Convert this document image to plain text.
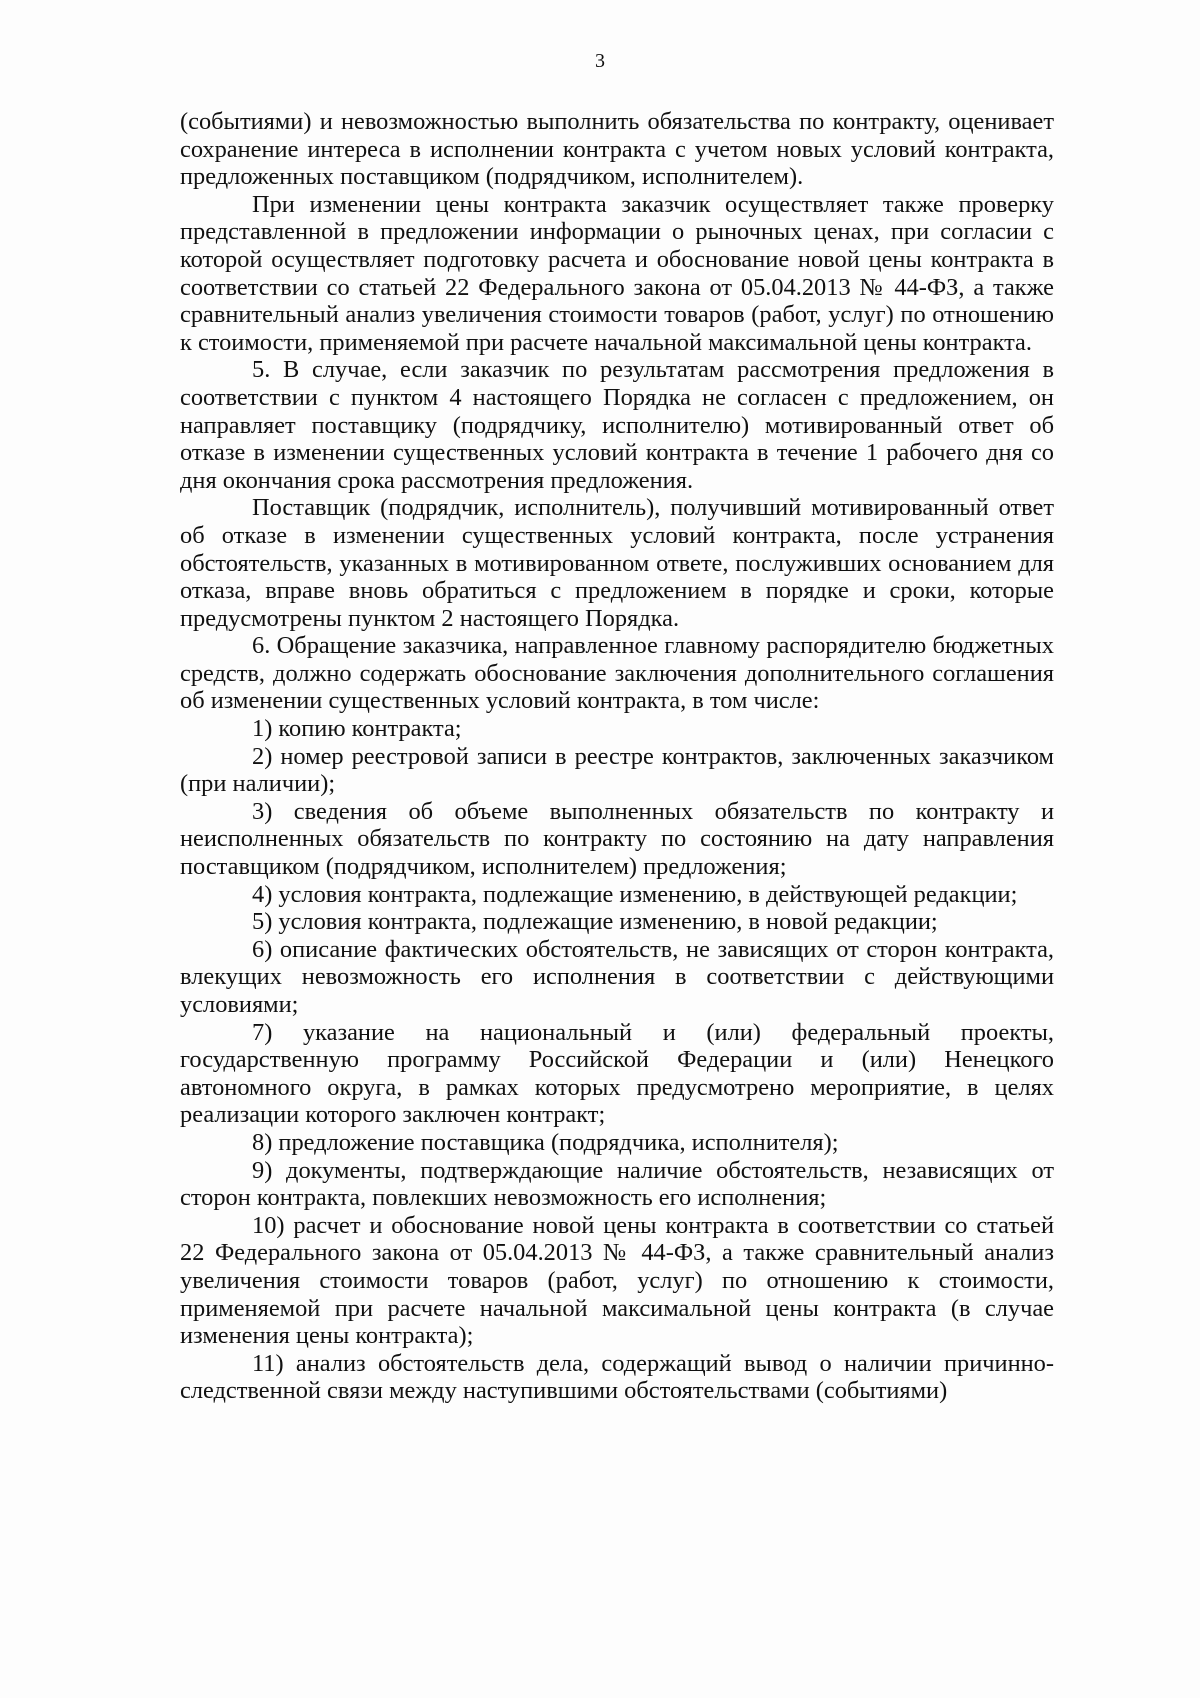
3

(событиями) и невозможностью выполнить обязательства по контракту, оценивает сохранение интереса в исполнении контракта с учетом новых условий контракта, предложенных поставщиком (подрядчиком, исполнителем).

При изменении цены контракта заказчик осуществляет также проверку представленной в предложении информации о рыночных ценах, при согласии с которой осуществляет подготовку расчета и обоснование новой цены контракта в соответствии со статьей 22 Федерального закона от 05.04.2013 № 44-ФЗ, а также сравнительный анализ увеличения стоимости товаров (работ, услуг) по отношению к стоимости, применяемой при расчете начальной максимальной цены контракта.

5. В случае, если заказчик по результатам рассмотрения предложения в соответствии с пунктом 4 настоящего Порядка не согласен с предложением, он направляет поставщику (подрядчику, исполнителю) мотивированный ответ об отказе в изменении существенных условий контракта в течение 1 рабочего дня со дня окончания срока рассмотрения предложения.

Поставщик (подрядчик, исполнитель), получивший мотивированный ответ об отказе в изменении существенных условий контракта, после устранения обстоятельств, указанных в мотивированном ответе, послуживших основанием для отказа, вправе вновь обратиться с предложением в порядке и сроки, которые предусмотрены пунктом 2 настоящего Порядка.

6. Обращение заказчика, направленное главному распорядителю бюджетных средств, должно содержать обоснование заключения дополнительного соглашения об изменении существенных условий контракта, в том числе:

1) копию контракта;

2) номер реестровой записи в реестре контрактов, заключенных заказчиком (при наличии);

3) сведения об объеме выполненных обязательств по контракту и неисполненных обязательств по контракту по состоянию на дату направления поставщиком (подрядчиком, исполнителем) предложения;

4) условия контракта, подлежащие изменению, в действующей редакции;

5) условия контракта, подлежащие изменению, в новой редакции;

6) описание фактических обстоятельств, не зависящих от сторон контракта, влекущих невозможность его исполнения в соответствии с действующими условиями;

7) указание на национальный и (или) федеральный проекты, государственную программу Российской Федерации и (или) Ненецкого автономного округа, в рамках которых предусмотрено мероприятие, в целях реализации которого заключен контракт;

8) предложение поставщика (подрядчика, исполнителя);

9) документы, подтверждающие наличие обстоятельств, независящих от сторон контракта, повлекших невозможность его исполнения;

10) расчет и обоснование новой цены контракта в соответствии со статьей 22 Федерального закона от 05.04.2013 № 44-ФЗ, а также сравнительный анализ увеличения стоимости товаров (работ, услуг) по отношению к стоимости, применяемой при расчете начальной максимальной цены контракта (в случае изменения цены контракта);

11) анализ обстоятельств дела, содержащий вывод о наличии причинно-следственной связи между наступившими обстоятельствами (событиями)
